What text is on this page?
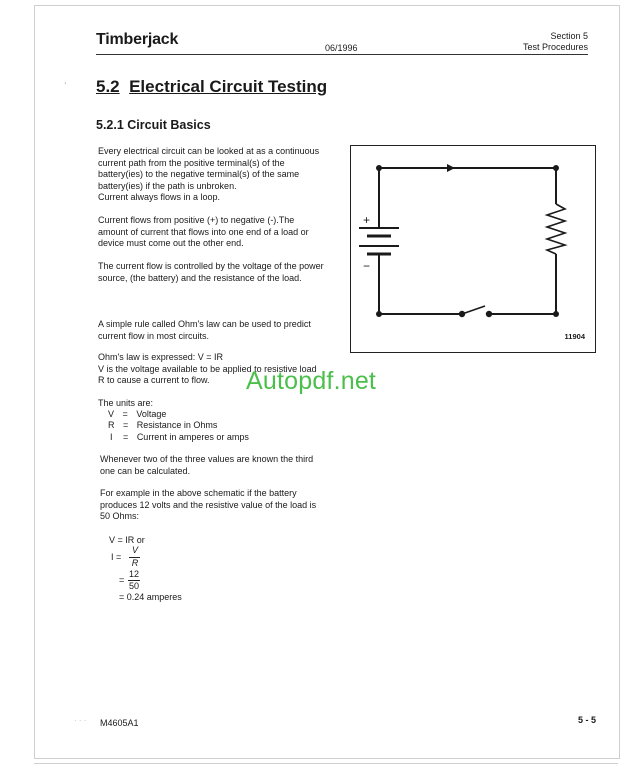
Timberjack	06/1996
Section 5
Test Procedures
5.2 Electrical Circuit Testing
5.2.1 Circuit Basics
Every electrical circuit can be looked at as a continuous
current path from the positive terminal(s) of the
battery(ies) to the negative terminal(s) of the same
battery(ies) if the path is unbroken.
Current always flows in a loop.
Current flows from positive (+) to negative (-).The
amount of current that flows into one end of a load or
device must come out the other end.
The current flow is controlled by the voltage of the power
source, (the battery) and the resistance of the load.
A simple rule called Ohm's law can be used to predict
current flow in most circuits.
Ohm's law is expressed: V = IR
V is the voltage available to be applied to resistive load
R to cause a current to flow.
The units are:
V = Voltage
R = Resistance in Ohms
I = Current in amperes or amps
Whenever two of the three values are known the third
one can be calculated.
For example in the above schematic if the battery
produces 12 volts and the resistive value of the load is
50 Ohms:
V = IR or
I =
V
R
=
12
50
= 0.24 amperes
+
−
11904
‚
Autopdf.net
· · · M4605A1	5 - 5
